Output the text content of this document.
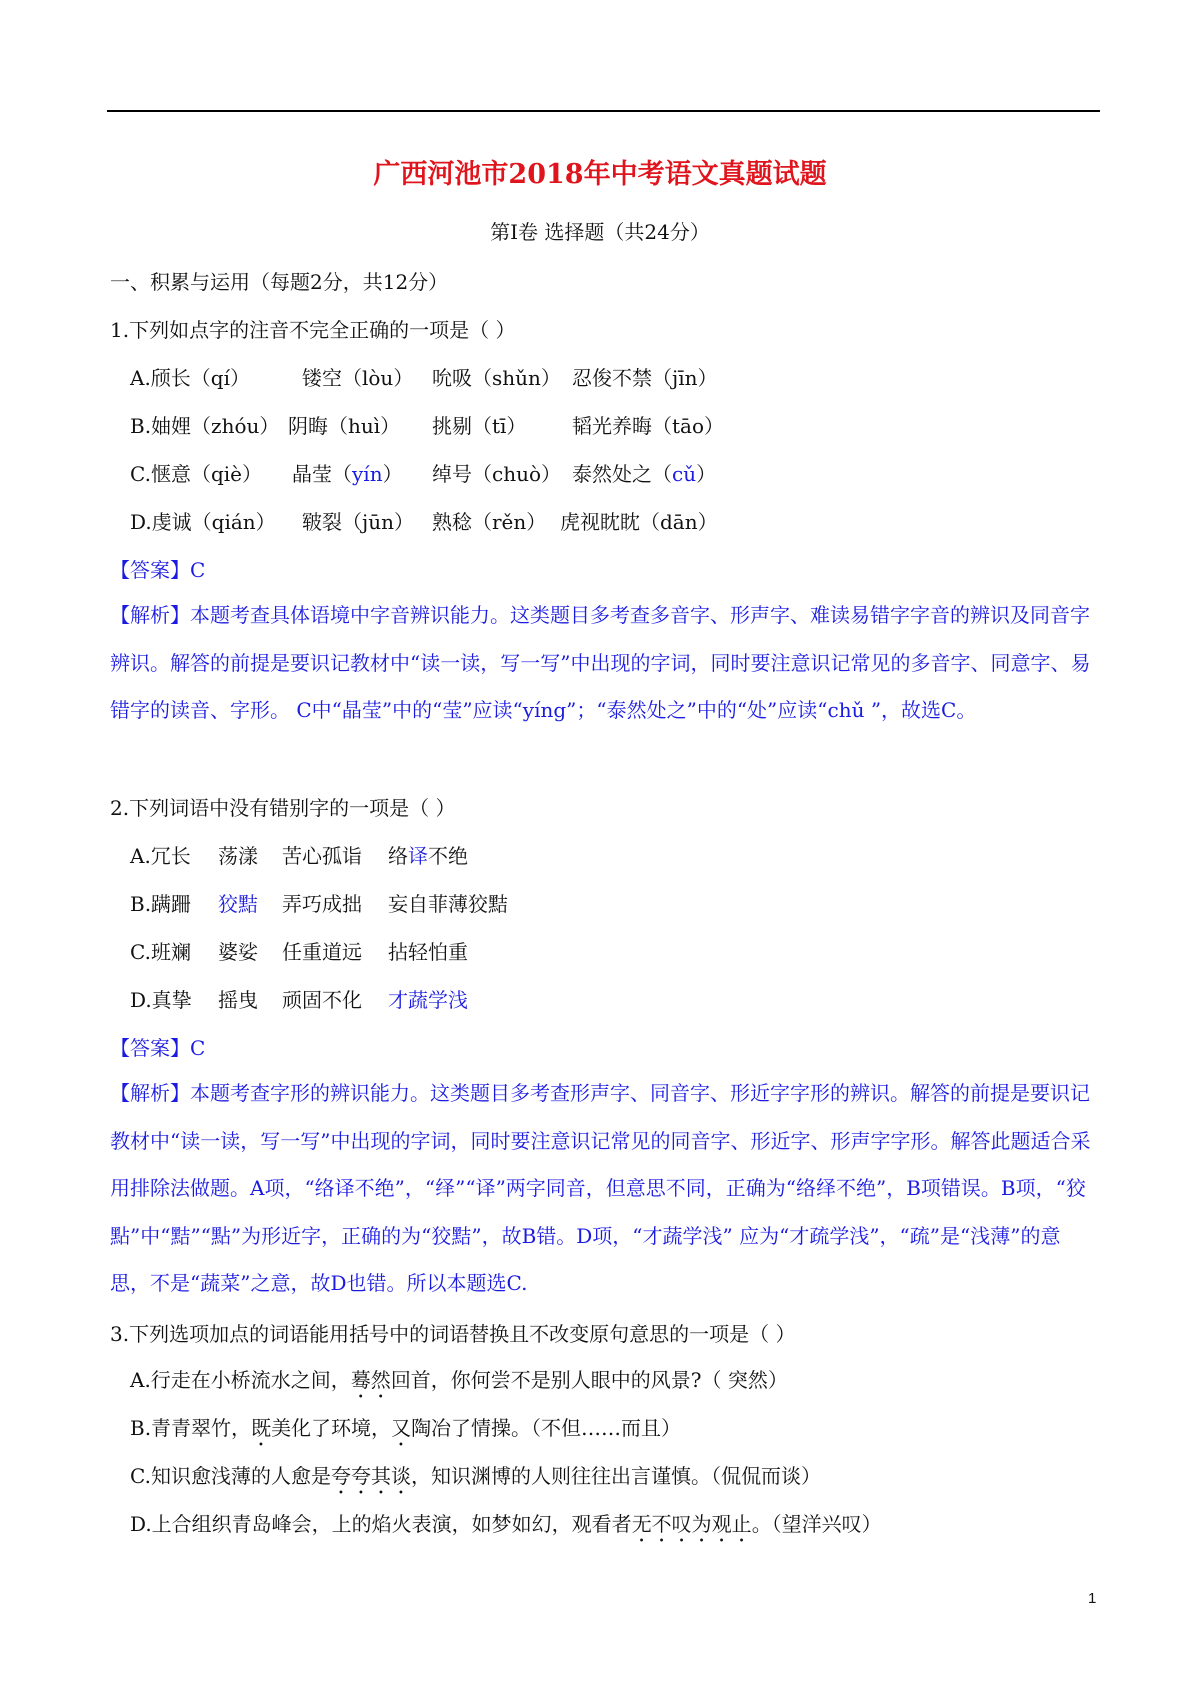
广西河池市2018年中考语文真题试题
第Ⅰ卷 选择题（共24分）
一、积累与运用（每题2分，共12分）
1.下列如点字的注音不完全正确的一项是（ ）
A.颀长（qí）	镂空（lòu） 吮吸（shǔn） 忍俊不禁（jīn）
B.妯娌（zhóu） 阴晦（huì） 挑剔（tī） 韬光养晦（tāo）
C.惬意（qiè） 晶莹（yín） 绰号（chuò） 泰然处之（cǔ）
D.虔诚（qián） 皲裂（jūn） 熟稔（rěn） 虎视眈眈（dān）
【答案】C
【解析】本题考查具体语境中字音辨识能力。这类题目多考查多音字、形声字、难读易错字字音的辨识及同音字辨识。解答的前提是要识记教材中“读一读，写一写”中出现的字词，同时要注意识记常见的多音字、同意字、易错字的读音、字形。 C中“晶莹”中的“莹”应读“yíng”；“泰然处之”中的“处”应读“chǔ ”，故选C。
2.下列词语中没有错别字的一项是（ ）
A.冗长 荡漾 苦心孤诣 络译不绝
B.蹒跚 狡黠 弄巧成拙 妄自菲薄狡黠
C.班斓 婆娑 任重道远 拈轻怕重
D.真挚 摇曳 顽固不化 才蔬学浅
【答案】C
【解析】本题考查字形的辨识能力。这类题目多考查形声字、同音字、形近字字形的辨识。解答的前提是要识记教材中“读一读，写一写”中出现的字词，同时要注意识记常见的同音字、形近字、形声字字形。解答此题适合采用排除法做题。A项，“络译不绝”，“绎”“译”两字同音，但意思不同，正确为“络绎不绝”，B项错误。B项，“狡點”中“黠”“點”为形近字，正确的为“狡黠”，故B错。D项，“才蔬学浅” 应为“才疏学浅”，“疏”是“浅薄”的意思，不是“蔬菜”之意，故D也错。所以本题选C.
3.下列选项加点的词语能用括号中的词语替换且不改变原句意思的一项是（ ）
A.行走在小桥流水之间，蓦然回首，你何尝不是别人眼中的风景?（ 突然）
B.青青翠竹，既美化了环境，又陶冶了情操。（不但……而且）
C.知识愈浅薄的人愈是夸夸其谈，知识渊博的人则往往出言谨慎。（侃侃而谈）
D.上合组织青岛峰会，上的焰火表演，如梦如幻，观看者无不叹为观止。（望洋兴叹）
1
